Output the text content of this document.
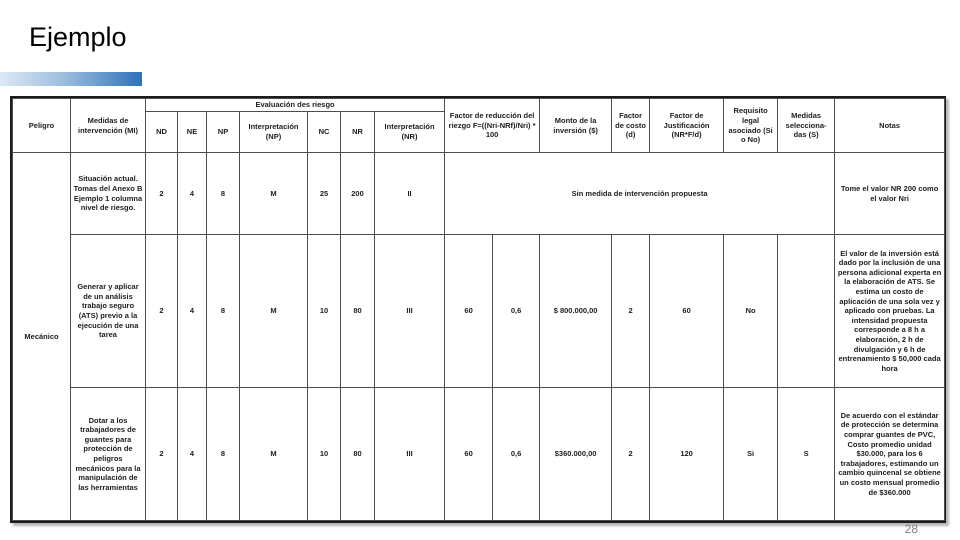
Ejemplo
Peligro	Medidas de intervención (MI)	Evaluación des riesgo							Factor de reducción del riezgo F=((Nri-NRf)/Nri) * 100		Monto de la inversión ($)	Factor de costo (d)	Factor de Justificación (NR*F/d)	Requisito legal asociado (Si o No)	Medidas selecciona-das (S)	Notas
		ND	NE	NP	Interpretación (NP)	NC	NR	Interpretación (NR)								
Mecánico	Situación actual. Tomas del Anexo B Ejemplo 1 columna nivel de riesgo.	2	4	8	M	25	200	II	Sin medida de intervención propuesta							Tome el valor NR 200 como el valor Nri
	Generar y aplicar de un análisis trabajo seguro (ATS) previo a la ejecución de una tarea	2	4	8	M	10	80	III	60	0,6	$ 800.000,00	2	60	No		El valor de la inversión está dado por la inclusión de una persona adicional experta en la elaboración de ATS. Se estima un costo de aplicación de una sola vez y aplicado con pruebas. La intensidad propuesta corresponde a 8 h a elaboración, 2 h de divulgación y 6 h de entrenamiento $ 50,000 cada hora
	Dotar a los trabajadores de guantes para protección de peligros mecánicos para la manipulación de las herramientas	2	4	8	M	10	80	III	60	0,6	$360.000,00	2	120	Si	S	De acuerdo con el estándar de protección se determina comprar guantes de PVC, Costo promedio unidad $30.000, para los 6 trabajadores, estimando un cambio quincenal se obtiene un costo mensual promedio de $360.000
28
